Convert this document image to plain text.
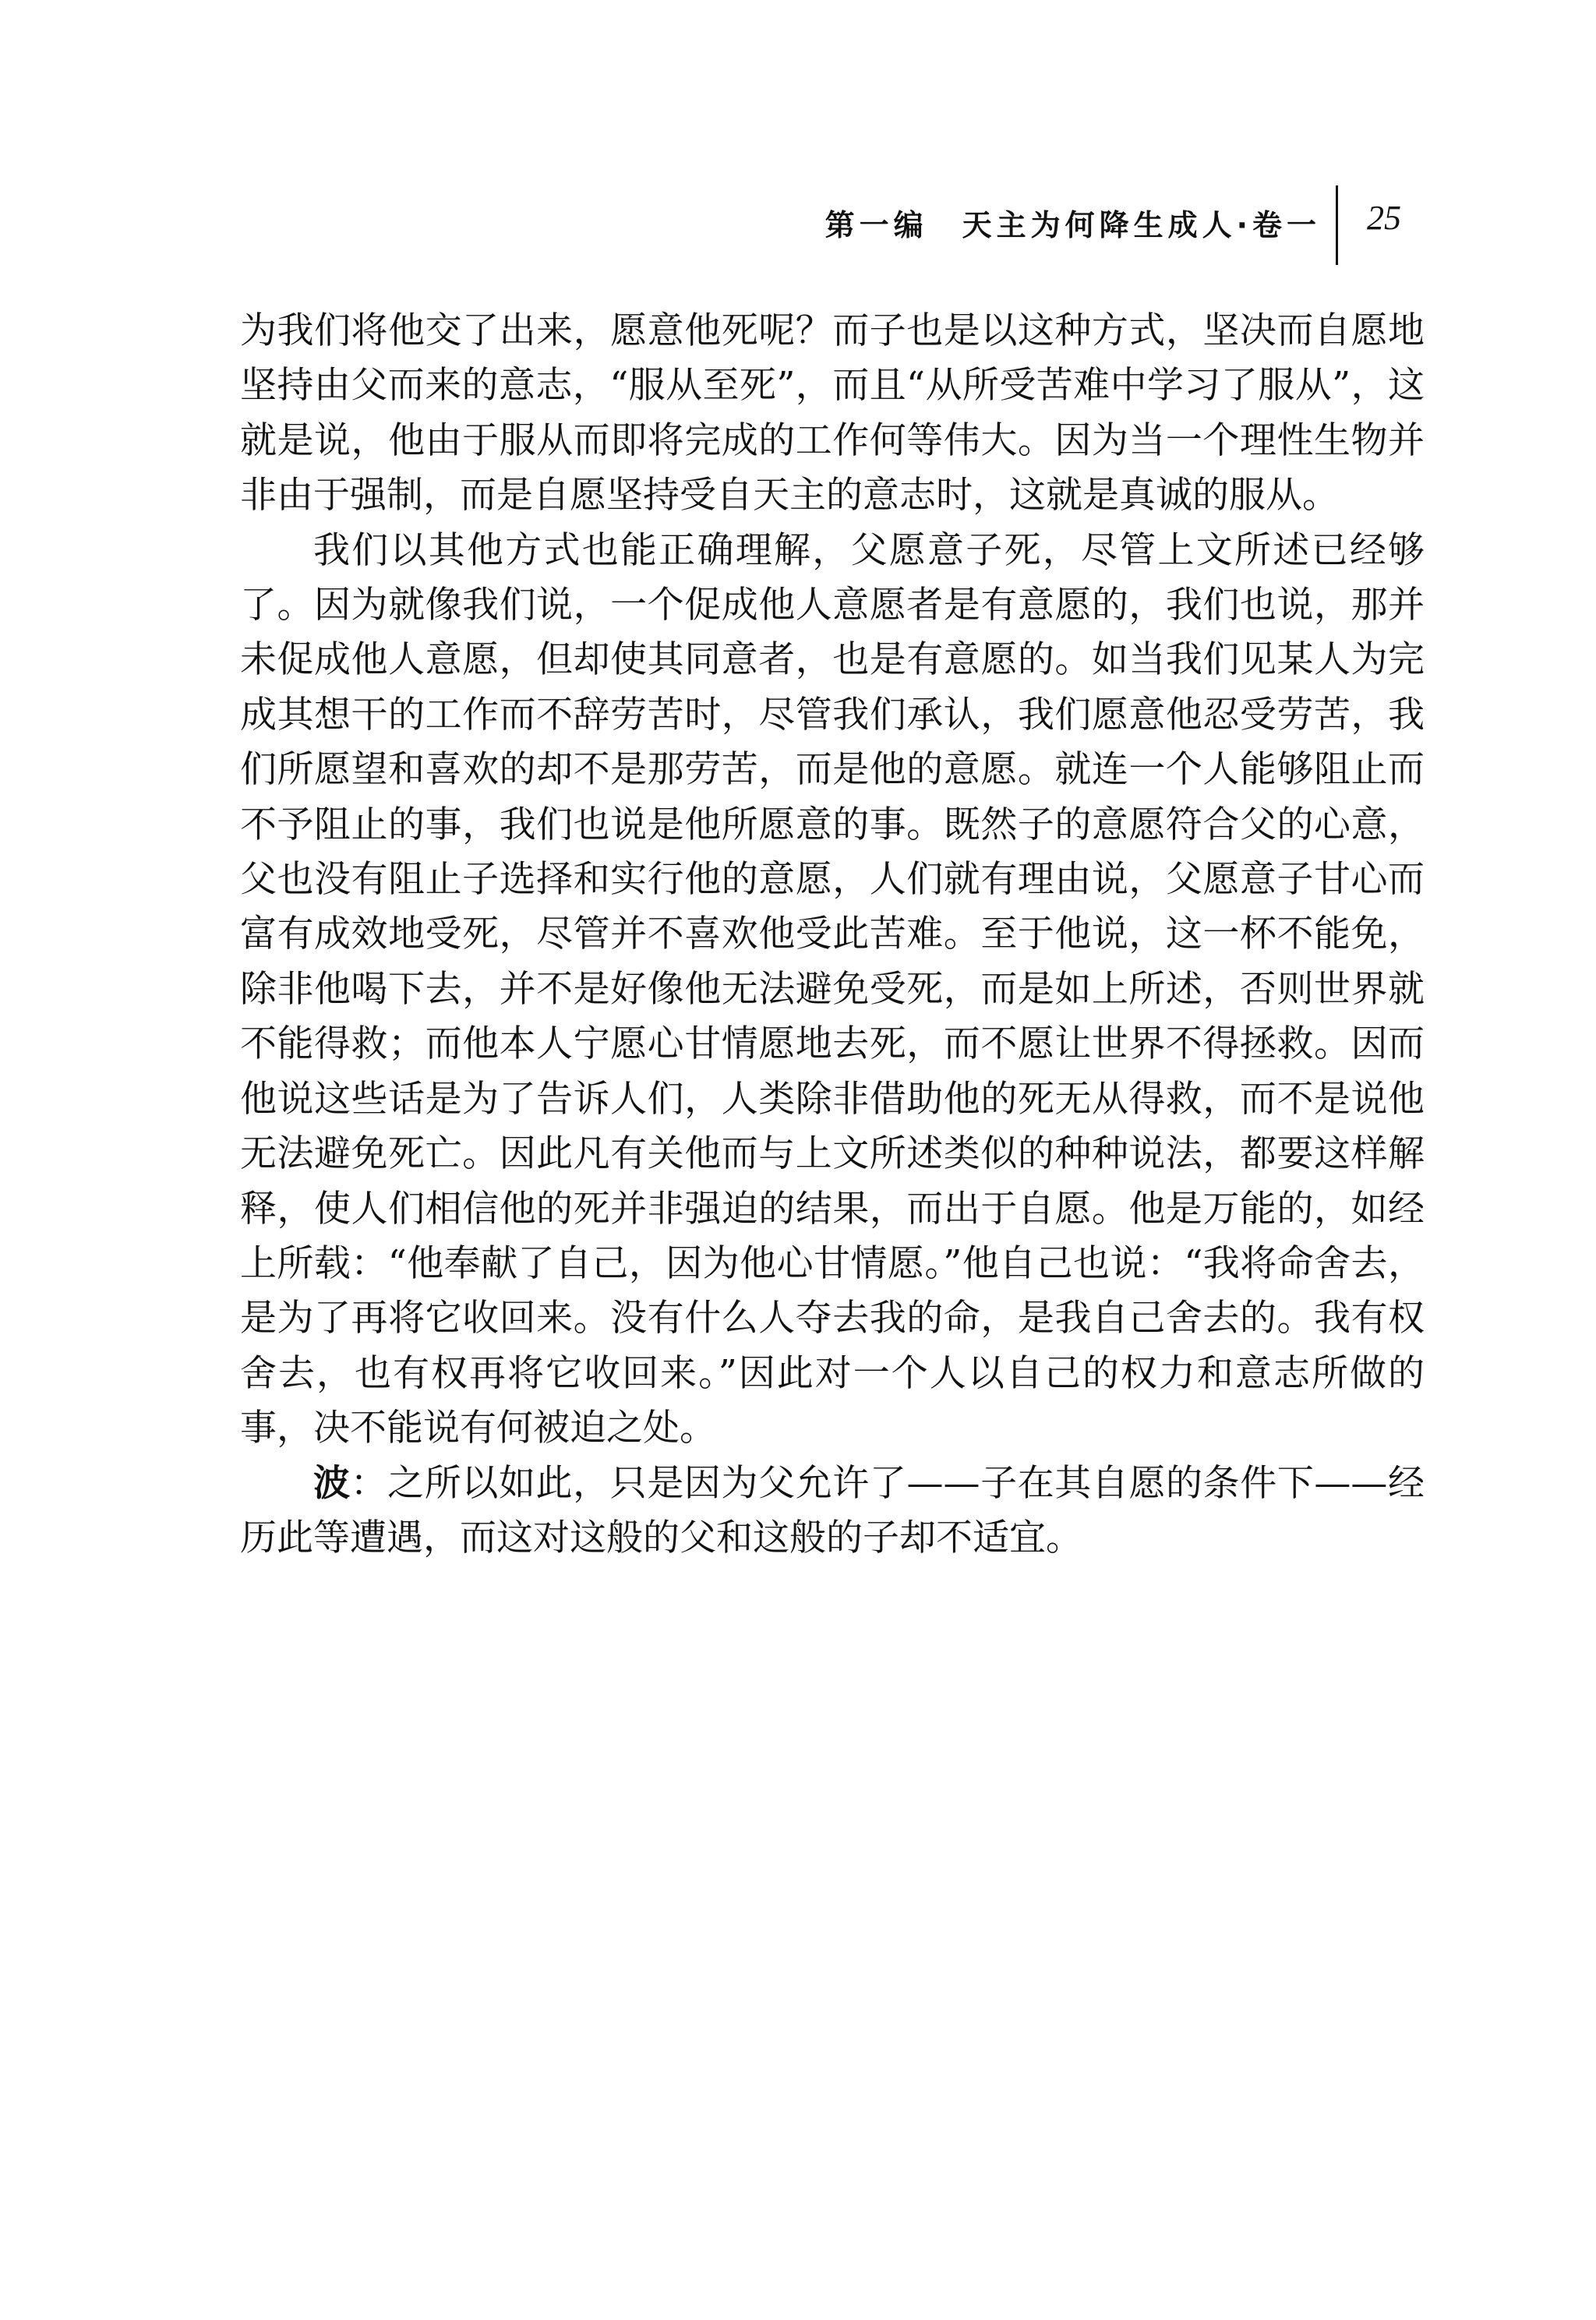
第一编　天主为何降生成人·卷一 25

为我们将他交了出来，愿意他死呢？而子也是以这种方式，坚决而自愿地坚持由父而来的意志，“服从至死”，而且“从所受苦难中学习了服从”，这就是说，他由于服从而即将完成的工作何等伟大。因为当一个理性生物并非由于强制，而是自愿坚持受自天主的意志时，这就是真诚的服从。

我们以其他方式也能正确理解，父愿意子死，尽管上文所述已经够了。因为就像我们说，一个促成他人意愿者是有意愿的，我们也说，那并未促成他人意愿，但却使其同意者，也是有意愿的。如当我们见某人为完成其想干的工作而不辞劳苦时，尽管我们承认，我们愿意他忍受劳苦，我们所愿望和喜欢的却不是那劳苦，而是他的意愿。就连一个人能够阻止而不予阻止的事，我们也说是他所愿意的事。既然子的意愿符合父的心意，父也没有阻止子选择和实行他的意愿，人们就有理由说，父愿意子甘心而富有成效地受死，尽管并不喜欢他受此苦难。至于他说，这一杯不能免，除非他喝下去，并不是好像他无法避免受死，而是如上所述，否则世界就不能得救；而他本人宁愿心甘情愿地去死，而不愿让世界不得拯救。因而他说这些话是为了告诉人们，人类除非借助他的死无从得救，而不是说他无法避免死亡。因此凡有关他而与上文所述类似的种种说法，都要这样解释，使人们相信他的死并非强迫的结果，而出于自愿。他是万能的，如经上所载：“他奉献了自己，因为他心甘情愿。”他自己也说：“我将命舍去，是为了再将它收回来。没有什么人夺去我的命，是我自己舍去的。我有权舍去，也有权再将它收回来。”因此对一个人以自己的权力和意志所做的事，决不能说有何被迫之处。

波：之所以如此，只是因为父允许了——子在其自愿的条件下——经历此等遭遇，而这对这般的父和这般的子却不适宜。
